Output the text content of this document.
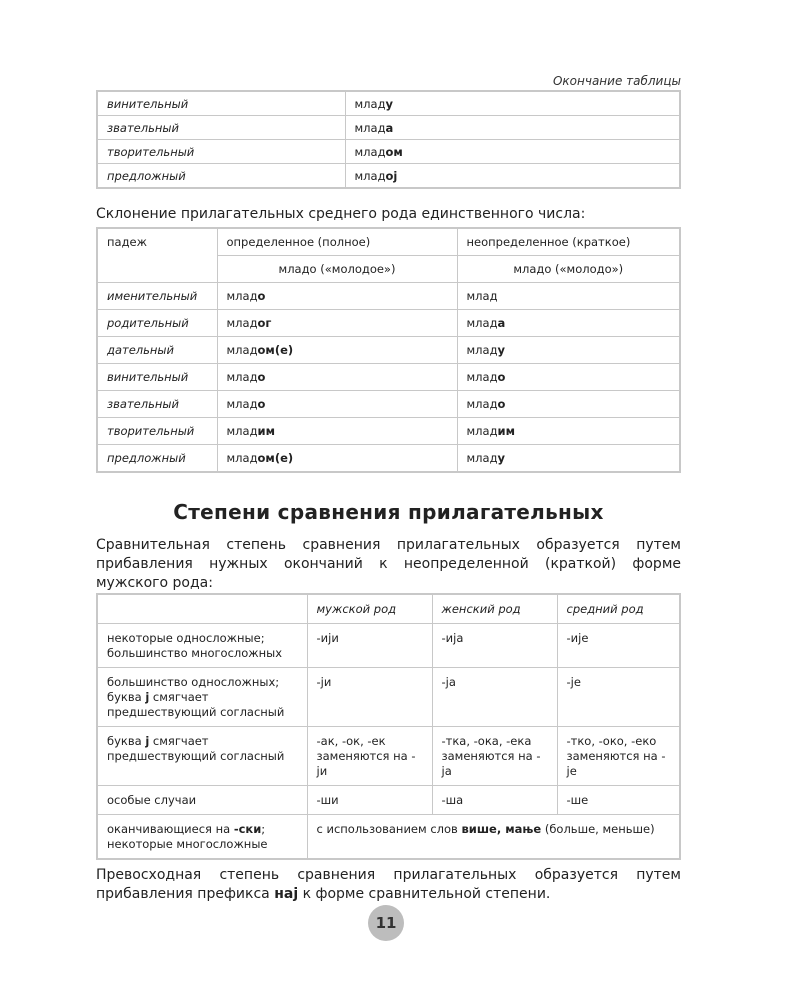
Окончание таблицы
винительный	младу
звательный	млада
творительный	младом
предложный	младој
Склонение прилагательных среднего рода единственного числа:
падеж	определенное (полное)	неопределенное (краткое)
	младо («молодое»)	младо («молодо»)
именительный	младо	млад
родительный	младог	млада
дательный	младом(е)	младу
винительный	младо	младо
звательный	младо	младо
творительный	младим	младим
предложный	младом(е)	младу
Степени сравнения прилагательных
Сравнительная степень сравнения прилагательных образуется путем прибавления нужных окончаний к неопределенной (краткой) форме мужского рода:
	мужской род	женский род	средний род
некоторые односложные; большинство многосложных	-иjи	-иjа	-иjе
большинство односложных; буква j смягчает предшествующий согласный	-jи	-jа	-jе
буква j смягчает предшествующий согласный	-ак, -ок, -ек заменяются на -jи	-тка, -ока, -ека заменяются на -jа	-тко, -око, -еко заменяются на -jе
особые случаи	-ши	-ша	-ше
оканчивающиеся на -ски; некоторые многосложные	с использованием слов више, мање (больше, меньше)		
Превосходная степень сравнения прилагательных образуется путем прибавления префикса нај к форме сравнительной степени.
11
